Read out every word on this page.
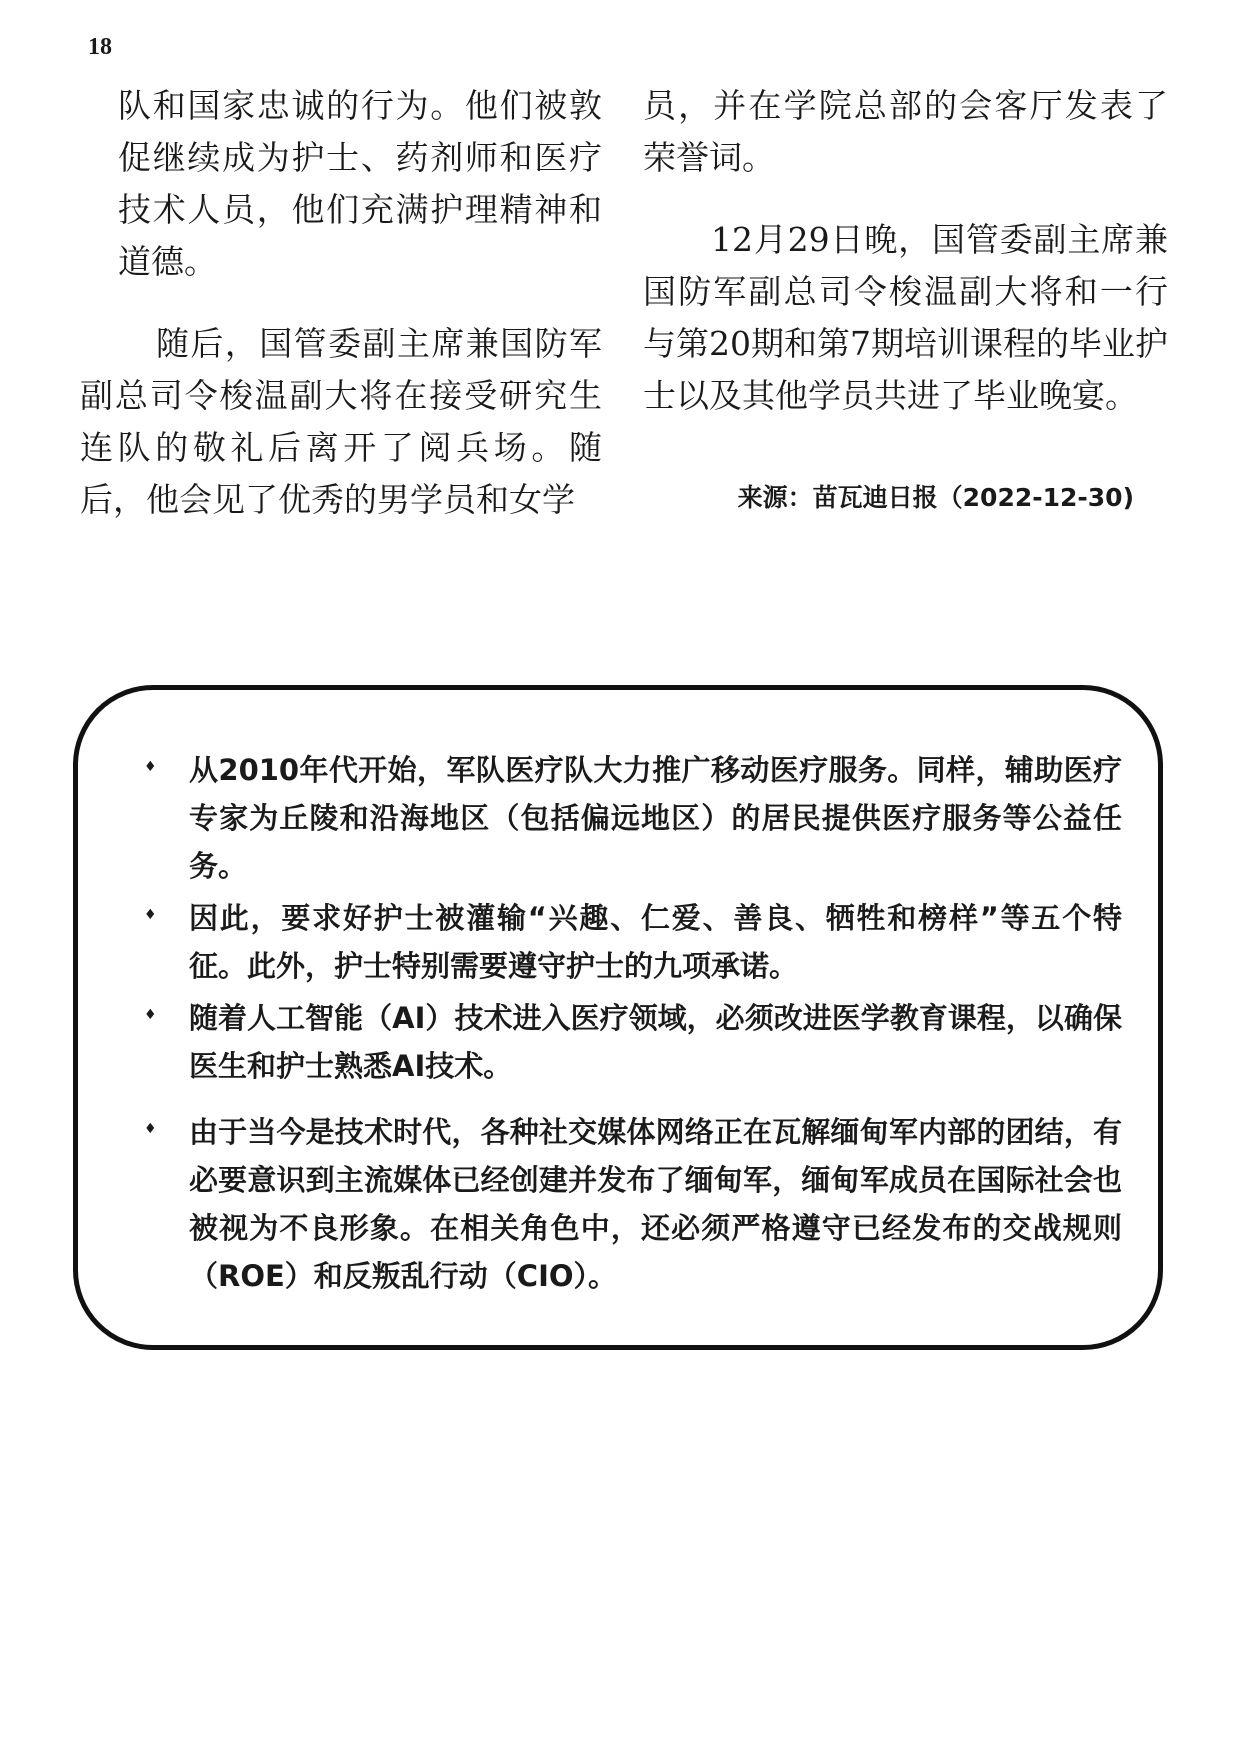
18

队和国家忠诚的行为。他们被敦促继续成为护士、药剂师和医疗技术人员，他们充满护理精神和道德。

随后，国管委副主席兼国防军副总司令梭温副大将在接受研究生连队的敬礼后离开了阅兵场。随后，他会见了优秀的男学员和女学

员，并在学院总部的会客厅发表了荣誉词。

12月29日晚，国管委副主席兼国防军副总司令梭温副大将和一行与第20期和第7期培训课程的毕业护士以及其他学员共进了毕业晚宴。

来源：苗瓦迪日报（2022-12-30)
♦ 从2010年代开始，军队医疗队大力推广移动医疗服务。同样，辅助医疗专家为丘陵和沿海地区（包括偏远地区）的居民提供医疗服务等公益任务。
♦ 因此，要求好护士被灌输“兴趣、仁爱、善良、牺牲和榜样”等五个特征。此外，护士特别需要遵守护士的九项承诺。
♦ 随着人工智能（AI）技术进入医疗领域，必须改进医学教育课程，以确保医生和护士熟悉AI技术。
♦ 由于当今是技术时代，各种社交媒体网络正在瓦解缅甸军内部的团结，有必要意识到主流媒体已经创建并发布了缅甸军，缅甸军成员在国际社会也被视为不良形象。在相关角色中，还必须严格遵守已经发布的交战规则（ROE）和反叛乱行动（CIO）。
